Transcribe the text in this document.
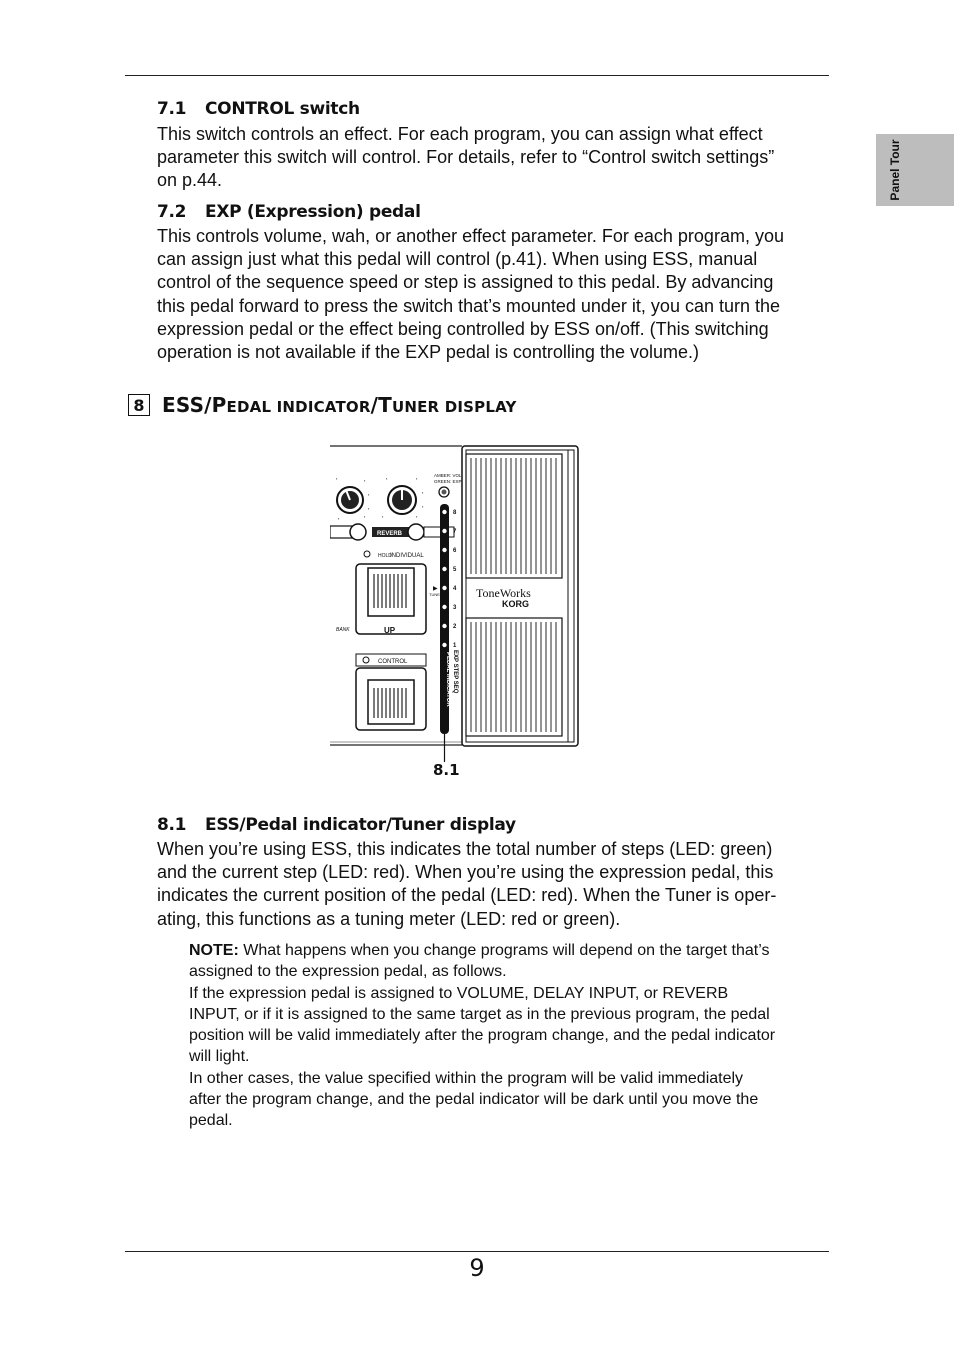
Panel Tour
7.1 CONTROL switch
This switch controls an effect. For each program, you can assign what effect
parameter this switch will control. For details, refer to “Control switch settings”
on p.44.
7.2 EXP (Expression) pedal
This controls volume, wah, or another effect parameter. For each program, you
can assign just what this pedal will control (p.41). When using ESS, manual
control of the sequence speed or step is assigned to this pedal. By advancing
this pedal forward to press the switch that’s mounted under it, you can turn the
expression pedal or the effect being controlled by ESS on/off. (This switching
operation is not available if the EXP pedal is controlling the volume.)
8 ESS/PEDAL INDICATOR/TUNER DISPLAY
▪	▪
▪
▪
▪
▪
▪	▪
▪
▪
▪
▪
REVERB
HOLD
INDIVIDUAL
UP
BANK
CONTROL
AMBER: VOL
GREEN: EXP
8
7
6
5
4
3
2
1
▶
TUNE
PEDAL INDICATOR EXP STEP SEQ
8.1
ToneWorks
KORG
8.1 ESS/Pedal indicator/Tuner display
When you’re using ESS, this indicates the total number of steps (LED: green)
and the current step (LED: red). When you’re using the expression pedal, this
indicates the current position of the pedal (LED: red). When the Tuner is oper-
ating, this functions as a tuning meter (LED: red or green).
NOTE: What happens when you change programs will depend on the target that’s
assigned to the expression pedal, as follows.
If the expression pedal is assigned to VOLUME, DELAY INPUT, or REVERB
INPUT, or if it is assigned to the same target as in the previous program, the pedal
position will be valid immediately after the program change, and the pedal indicator
will light.
In other cases, the value specified within the program will be valid immediately
after the program change, and the pedal indicator will be dark until you move the
pedal.
9
